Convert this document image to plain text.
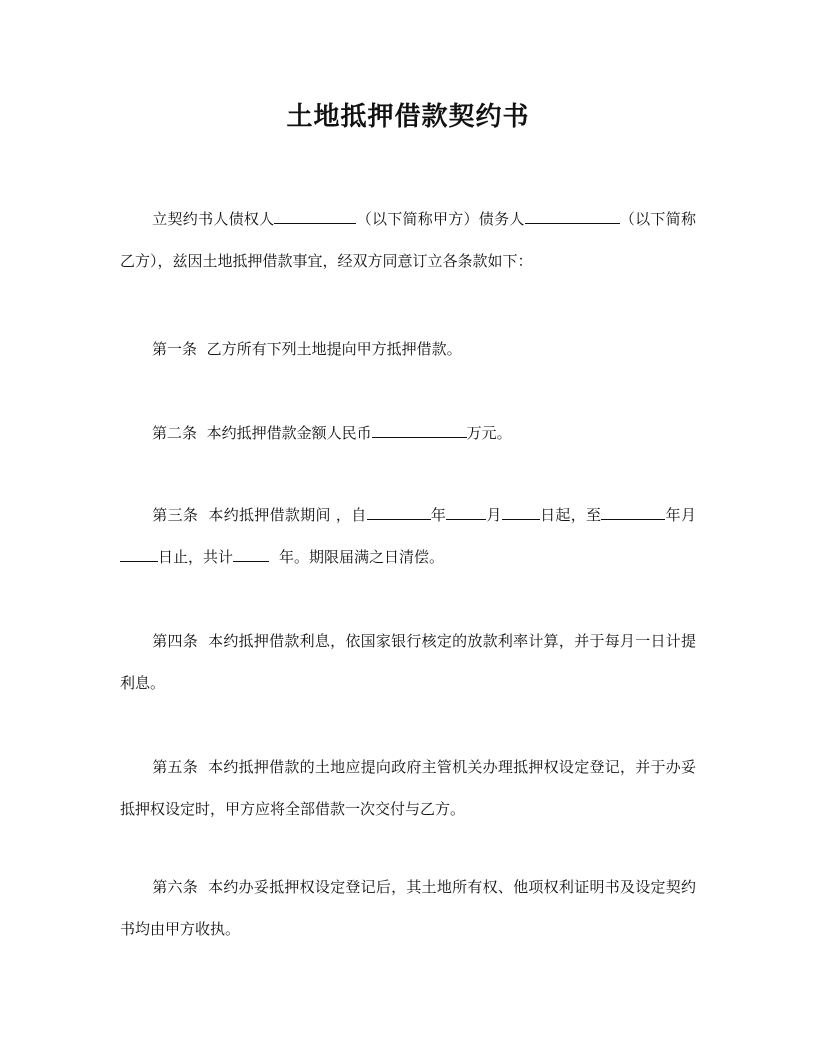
土地抵押借款契约书

立契约书人债权人	（以下简称甲方）债务人	（以下简称乙方），兹因土地抵押借款事宜，经双方同意订立各条款如下：

第一条 乙方所有下列土地提向甲方抵押借款。

第二条 本约抵押借款金额人民币	万元。

第三条 本约抵押借款期间 ，自	年	月	日起，至	年月日止，共计	年。期限届满之日清偿。

第四条 本约抵押借款利息，依国家银行核定的放款利率计算，并于每月一日计提利息。

第五条 本约抵押借款的土地应提向政府主管机关办理抵押权设定登记，并于办妥抵押权设定时，甲方应将全部借款一次交付与乙方。

第六条 本约办妥抵押权设定登记后，其土地所有权、他项权利证明书及设定契约书均由甲方收执。
